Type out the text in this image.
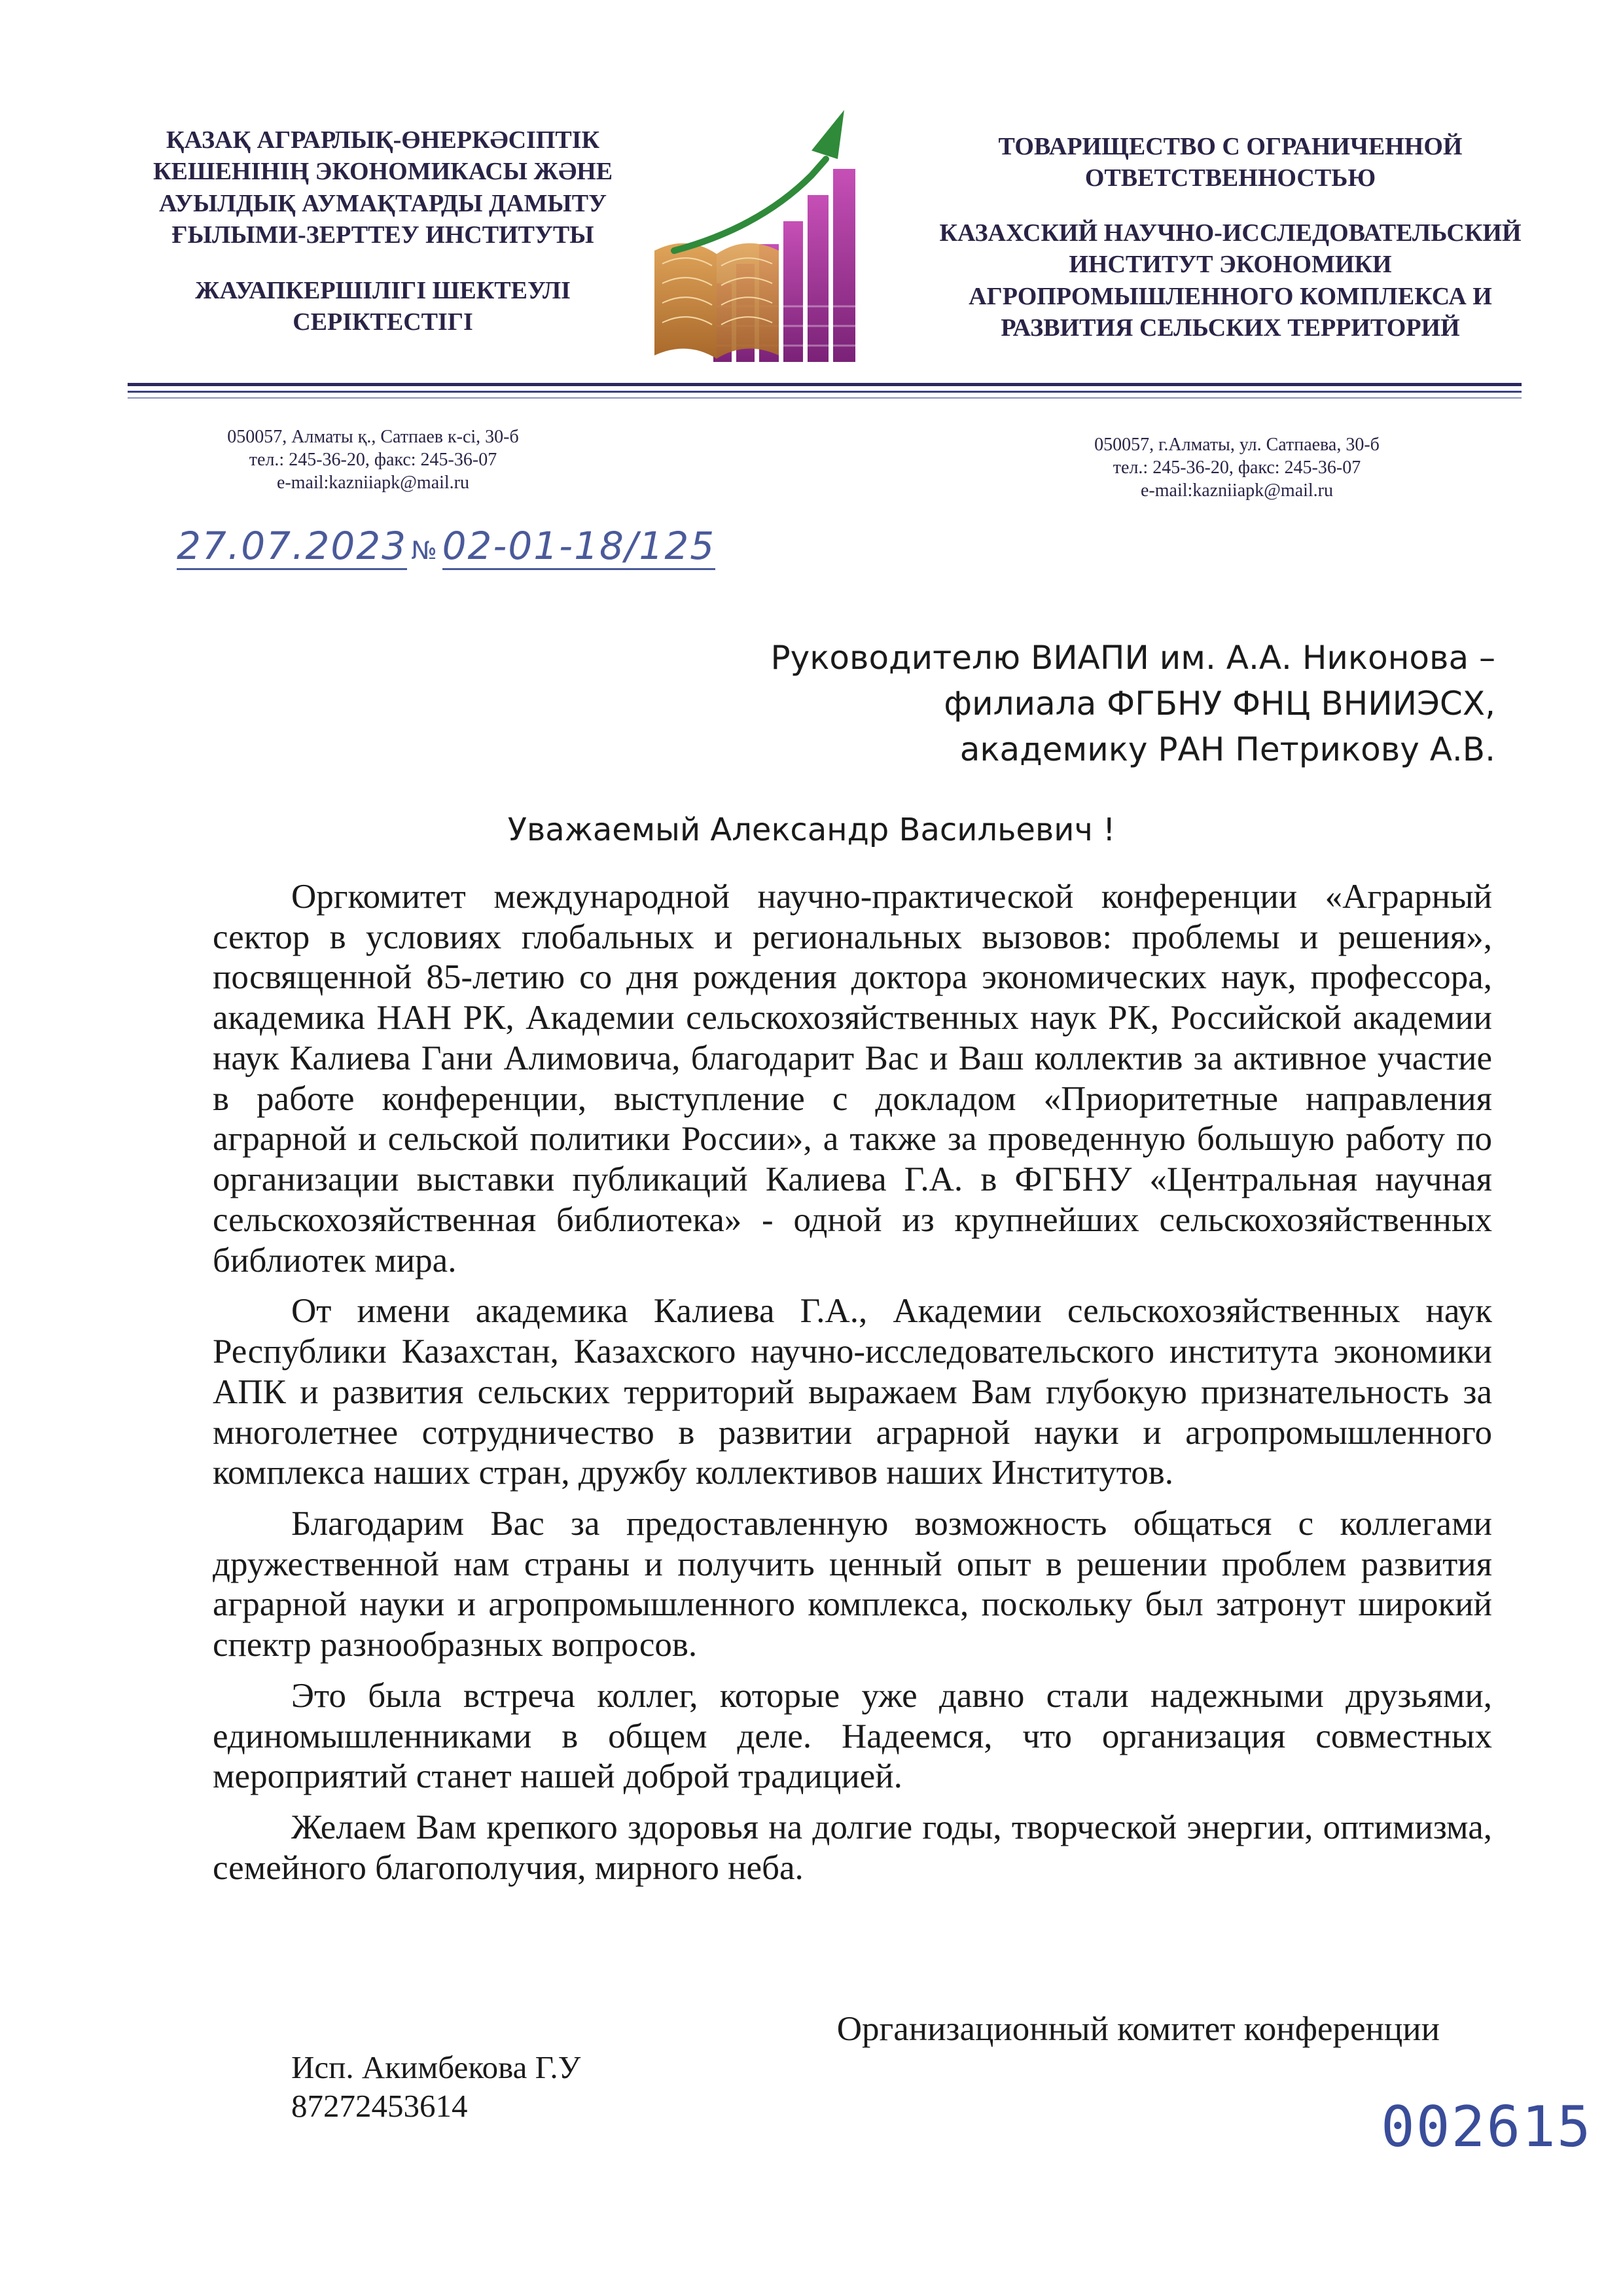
ҚАЗАҚ АГРАРЛЫҚ-ӨНЕРКӘСІПТІК
КЕШЕНІНІҢ ЭКОНОМИКАСЫ ЖӘНЕ
АУЫЛДЫҚ АУМАҚТАРДЫ ДАМЫТУ
ҒЫЛЫМИ-ЗЕРТТЕУ ИНСТИТУТЫ
ЖАУАПКЕРШІЛІГІ ШЕКТЕУЛІ
СЕРІКТЕСТІГІ
ТОВАРИЩЕСТВО С ОГРАНИЧЕННОЙ
ОТВЕТСТВЕННОСТЬЮ
КАЗАХСКИЙ НАУЧНО-ИССЛЕДОВАТЕЛЬСКИЙ
ИНСТИТУТ ЭКОНОМИКИ
АГРОПРОМЫШЛЕННОГО КОМПЛЕКСА И
РАЗВИТИЯ СЕЛЬСКИХ ТЕРРИТОРИЙ
050057, Алматы қ., Сатпаев к-сі, 30-б
тел.: 245-36-20, факс: 245-36-07
e-mail:kazniiapk@mail.ru
050057, г.Алматы, ул. Сатпаева, 30-б
тел.: 245-36-20, факс: 245-36-07
e-mail:kazniiapk@mail.ru
27.07.2023 № 02-01-18/125
Руководителю ВИАПИ им. А.А. Никонова –
филиала ФГБНУ ФНЦ ВНИИЭСХ,
академику РАН Петрикову А.В.
Уважаемый Александр Васильевич !

Оргкомитет международной научно-практической конференции «Аграрный сектор в условиях глобальных и региональных вызовов: проблемы и решения», посвященной 85-летию со дня рождения доктора экономических наук, профессора, академика НАН РК, Академии сельскохозяйственных наук РК, Российской академии наук Калиева Гани Алимовича, благодарит Вас и Ваш коллектив за активное участие в работе конференции, выступление с докладом «Приоритетные направления аграрной и сельской политики России», а также за проведенную большую работу по организации выставки публикаций Калиева Г.А. в ФГБНУ «Центральная научная сельскохозяйственная библиотека» - одной из крупнейших сельскохозяйственных библиотек мира.

От имени академика Калиева Г.А., Академии сельскохозяйственных наук Республики Казахстан, Казахского научно-исследовательского института экономики АПК и развития сельских территорий выражаем Вам глубокую признательность за многолетнее сотрудничество в развитии аграрной науки и агропромышленного комплекса наших стран, дружбу коллективов наших Институтов.

Благодарим Вас за предоставленную возможность общаться с коллегами дружественной нам страны и получить ценный опыт в решении проблем развития аграрной науки и агропромышленного комплекса, поскольку был затронут широкий спектр разнообразных вопросов.

Это была встреча коллег, которые уже давно стали надежными друзьями, единомышленниками в общем деле. Надеемся, что организация совместных мероприятий станет нашей доброй традицией.

Желаем Вам крепкого здоровья на долгие годы, творческой энергии, оптимизма, семейного благополучия, мирного неба.

Организационный комитет конференции
Исп. Акимбекова Г.У
87272453614	002615
